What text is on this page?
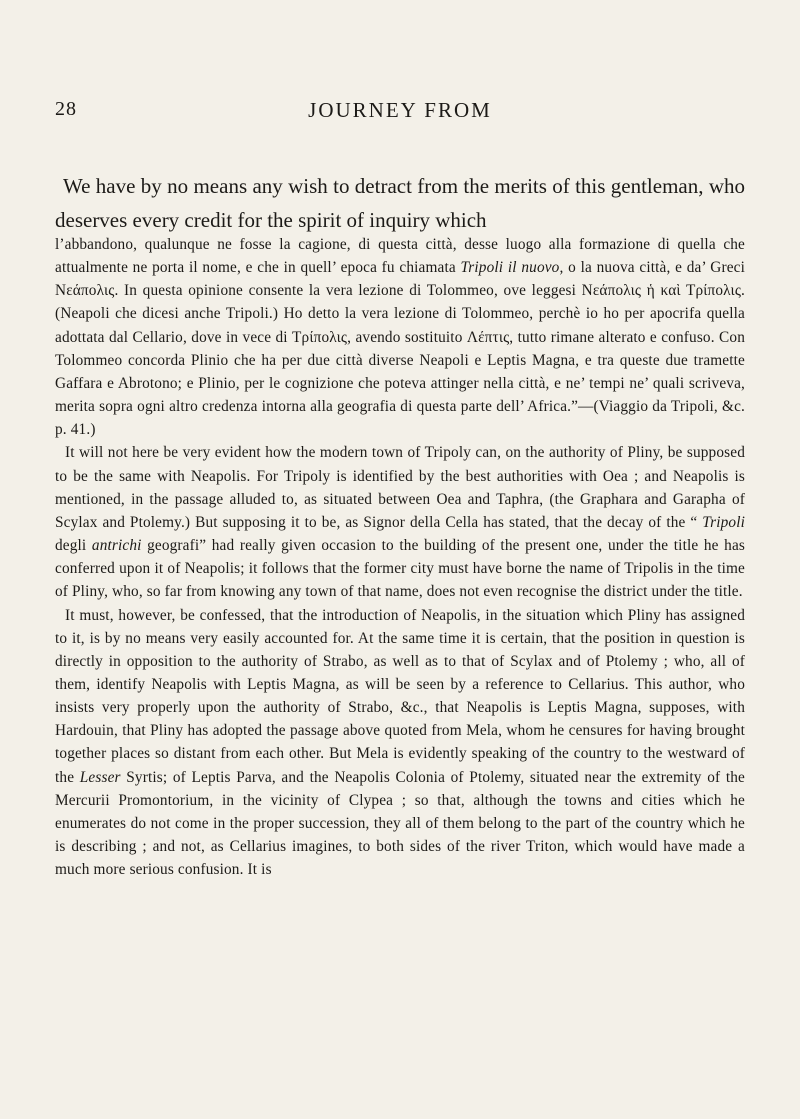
28	JOURNEY FROM

We have by no means any wish to detract from the merits of this gentleman, who deserves every credit for the spirit of inquiry which

l’abbandono, qualunque ne fosse la cagione, di questa città, desse luogo alla formazione di quella che attualmente ne porta il nome, e che in quell’ epoca fu chiamata Tripoli il nuovo, o la nuova città, e da’ Greci Νεάπολις. In questa opinione consente la vera lezione di Tolommeo, ove leggesi Νεάπολις ἡ καὶ Τρίπολις. (Neapoli che dicesi anche Tripoli.) Ho detto la vera lezione di Tolommeo, perchè io ho per apocrifa quella adottata dal Cellario, dove in vece di Τρίπολις, avendo sostituito Λέπτις, tutto rimane alterato e confuso. Con Tolommeo concorda Plinio che ha per due città diverse Neapoli e Leptis Magna, e tra queste due tramette Gaffara e Abrotono; e Plinio, per le cognizione che poteva attinger nella città, e ne’ tempi ne’ quali scriveva, merita sopra ogni altro credenza intorna alla geografia di questa parte dell’ Africa.”—(Viaggio da Tripoli, &c. p. 41.)

It will not here be very evident how the modern town of Tripoly can, on the authority of Pliny, be supposed to be the same with Neapolis. For Tripoly is identified by the best authorities with Oea ; and Neapolis is mentioned, in the passage alluded to, as situated between Oea and Taphra, (the Graphara and Garapha of Scylax and Ptolemy.) But supposing it to be, as Signor della Cella has stated, that the decay of the “ Tripoli degli antrichi geografi” had really given occasion to the building of the present one, under the title he has conferred upon it of Neapolis; it follows that the former city must have borne the name of Tripolis in the time of Pliny, who, so far from knowing any town of that name, does not even recognise the district under the title.

It must, however, be confessed, that the introduction of Neapolis, in the situation which Pliny has assigned to it, is by no means very easily accounted for. At the same time it is certain, that the position in question is directly in opposition to the authority of Strabo, as well as to that of Scylax and of Ptolemy ; who, all of them, identify Neapolis with Leptis Magna, as will be seen by a reference to Cellarius. This author, who insists very properly upon the authority of Strabo, &c., that Neapolis is Leptis Magna, supposes, with Hardouin, that Pliny has adopted the passage above quoted from Mela, whom he censures for having brought together places so distant from each other. But Mela is evidently speaking of the country to the westward of the Lesser Syrtis; of Leptis Parva, and the Neapolis Colonia of Ptolemy, situated near the extremity of the Mercurii Promontorium, in the vicinity of Clypea ; so that, although the towns and cities which he enumerates do not come in the proper succession, they all of them belong to the part of the country which he is describing ; and not, as Cellarius imagines, to both sides of the river Triton, which would have made a much more serious confusion. It is
